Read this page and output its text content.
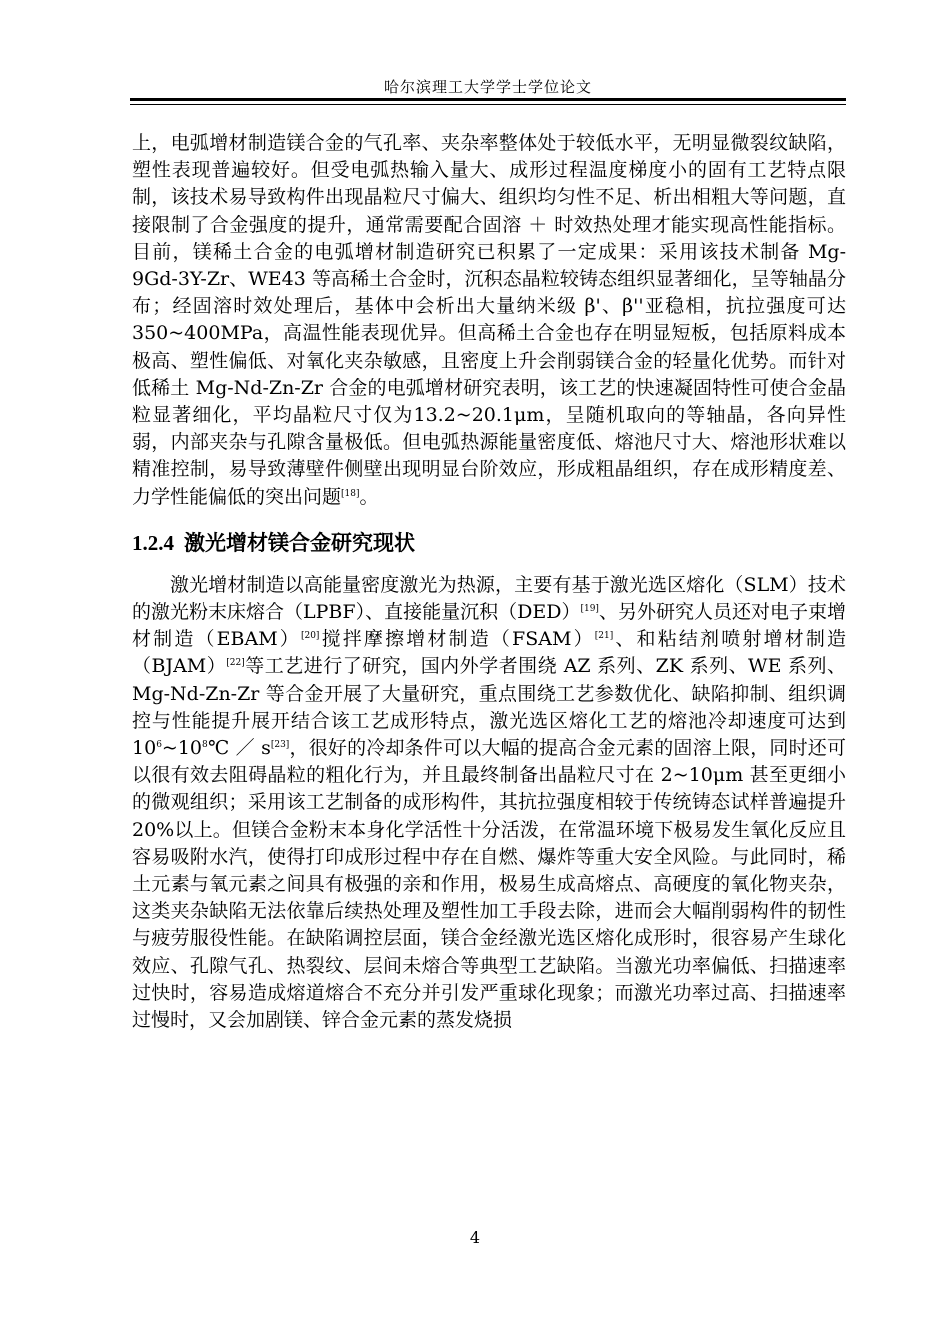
哈尔滨理工大学学士学位论文

上，电弧增材制造镁合金的气孔率、夹杂率整体处于较低水平，无明显微裂纹缺陷，塑性表现普遍较好。但受电弧热输入量大、成形过程温度梯度小的固有工艺特点限制，该技术易导致构件出现晶粒尺寸偏大、组织均匀性不足、析出相粗大等问题，直接限制了合金强度的提升，通常需要配合固溶 ＋ 时效热处理才能实现高性能指标。目前，镁稀土合金的电弧增材制造研究已积累了一定成果：采用该技术制备 Mg-9Gd-3Y-Zr、WE43 等高稀土合金时，沉积态晶粒较铸态组织显著细化，呈等轴晶分布；经固溶时效处理后，基体中会析出大量纳米级 β'、β''亚稳相，抗拉强度可达350~400MPa，高温性能表现优异。但高稀土合金也存在明显短板，包括原料成本极高、塑性偏低、对氧化夹杂敏感，且密度上升会削弱镁合金的轻量化优势。而针对低稀土 Mg-Nd-Zn-Zr 合金的电弧增材研究表明，该工艺的快速凝固特性可使合金晶粒显著细化，平均晶粒尺寸仅为13.2~20.1μm，呈随机取向的等轴晶，各向异性弱，内部夹杂与孔隙含量极低。但电弧热源能量密度低、熔池尺寸大、熔池形状难以精准控制，易导致薄壁件侧壁出现明显台阶效应，形成粗晶组织，存在成形精度差、力学性能偏低的突出问题[18]。

1.2.4 激光增材镁合金研究现状

激光增材制造以高能量密度激光为热源，主要有基于激光选区熔化（SLM）技术的激光粉末床熔合（LPBF）、直接能量沉积（DED）[19]、另外研究人员还对电子束增材制造（EBAM）[20]搅拌摩擦增材制造（FSAM）[21]、和粘结剂喷射增材制造（BJAM）[22]等工艺进行了研究，国内外学者围绕 AZ 系列、ZK 系列、WE 系列、Mg-Nd-Zn-Zr 等合金开展了大量研究，重点围绕工艺参数优化、缺陷抑制、组织调控与性能提升展开结合该工艺成形特点，激光选区熔化工艺的熔池冷却速度可达到 $10^6\sim 10^8℃$ ／ s[23]，很好的冷却条件可以大幅的提高合金元素的固溶上限，同时还可以很有效去阻碍晶粒的粗化行为，并且最终制备出晶粒尺寸在 2~10μm 甚至更细小的微观组织；采用该工艺制备的成形构件，其抗拉强度相较于传统铸态试样普遍提升 20%以上。但镁合金粉末本身化学活性十分活泼，在常温环境下极易发生氧化反应且容易吸附水汽，使得打印成形过程中存在自燃、爆炸等重大安全风险。与此同时，稀土元素与氧元素之间具有极强的亲和作用，极易生成高熔点、高硬度的氧化物夹杂，这类夹杂缺陷无法依靠后续热处理及塑性加工手段去除，进而会大幅削弱构件的韧性与疲劳服役性能。在缺陷调控层面，镁合金经激光选区熔化成形时，很容易产生球化效应、孔隙气孔、热裂纹、层间未熔合等典型工艺缺陷。当激光功率偏低、扫描速率过快时，容易造成熔道熔合不充分并引发严重球化现象；而激光功率过高、扫描速率过慢时，又会加剧镁、锌合金元素的蒸发烧损

4
